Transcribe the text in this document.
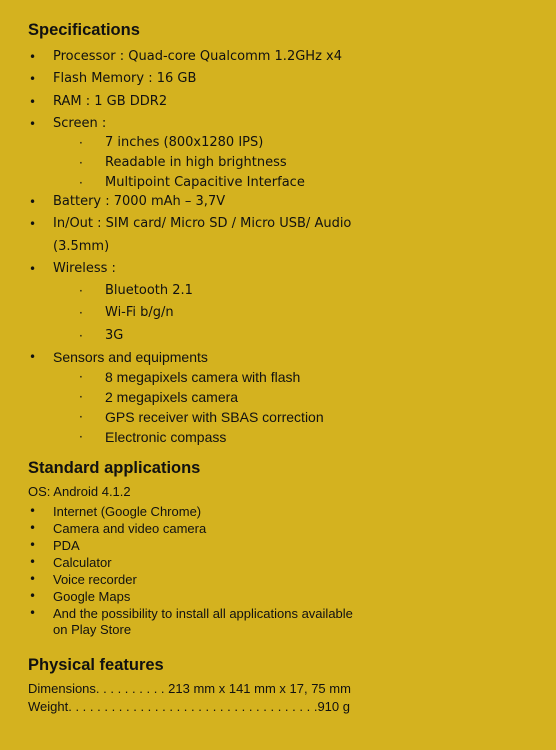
Specifications
• Processor : Quad-core Qualcomm 1.2GHz x4
• Flash Memory : 16 GB
• RAM : 1 GB DDR2
• Screen :
· 7 inches (800x1280 IPS)
· Readable in high brightness
· Multipoint Capacitive Interface
• Battery : 7000 mAh – 3,7V
• In/Out : SIM card/ Micro SD / Micro USB/ Audio
(3.5mm)
• Wireless :
· Bluetooth 2.1
· Wi-Fi b/g/n
· 3G
• Sensors and equipments
· 8 megapixels camera with flash
· 2 megapixels camera
· GPS receiver with SBAS correction
· Electronic compass
Standard applications
OS: Android 4.1.2
• Internet (Google Chrome)
• Camera and video camera
• PDA
• Calculator
• Voice recorder
• Google Maps
• And the possibility to install all applications available
on Play Store
Physical features
Dimensions. . . . . . . . . . 213 mm x 141 mm x 17, 75 mm
Weight. . . . . . . . . . . . . . . . . . . . . . . . . . . . . . . . . . .910 g
